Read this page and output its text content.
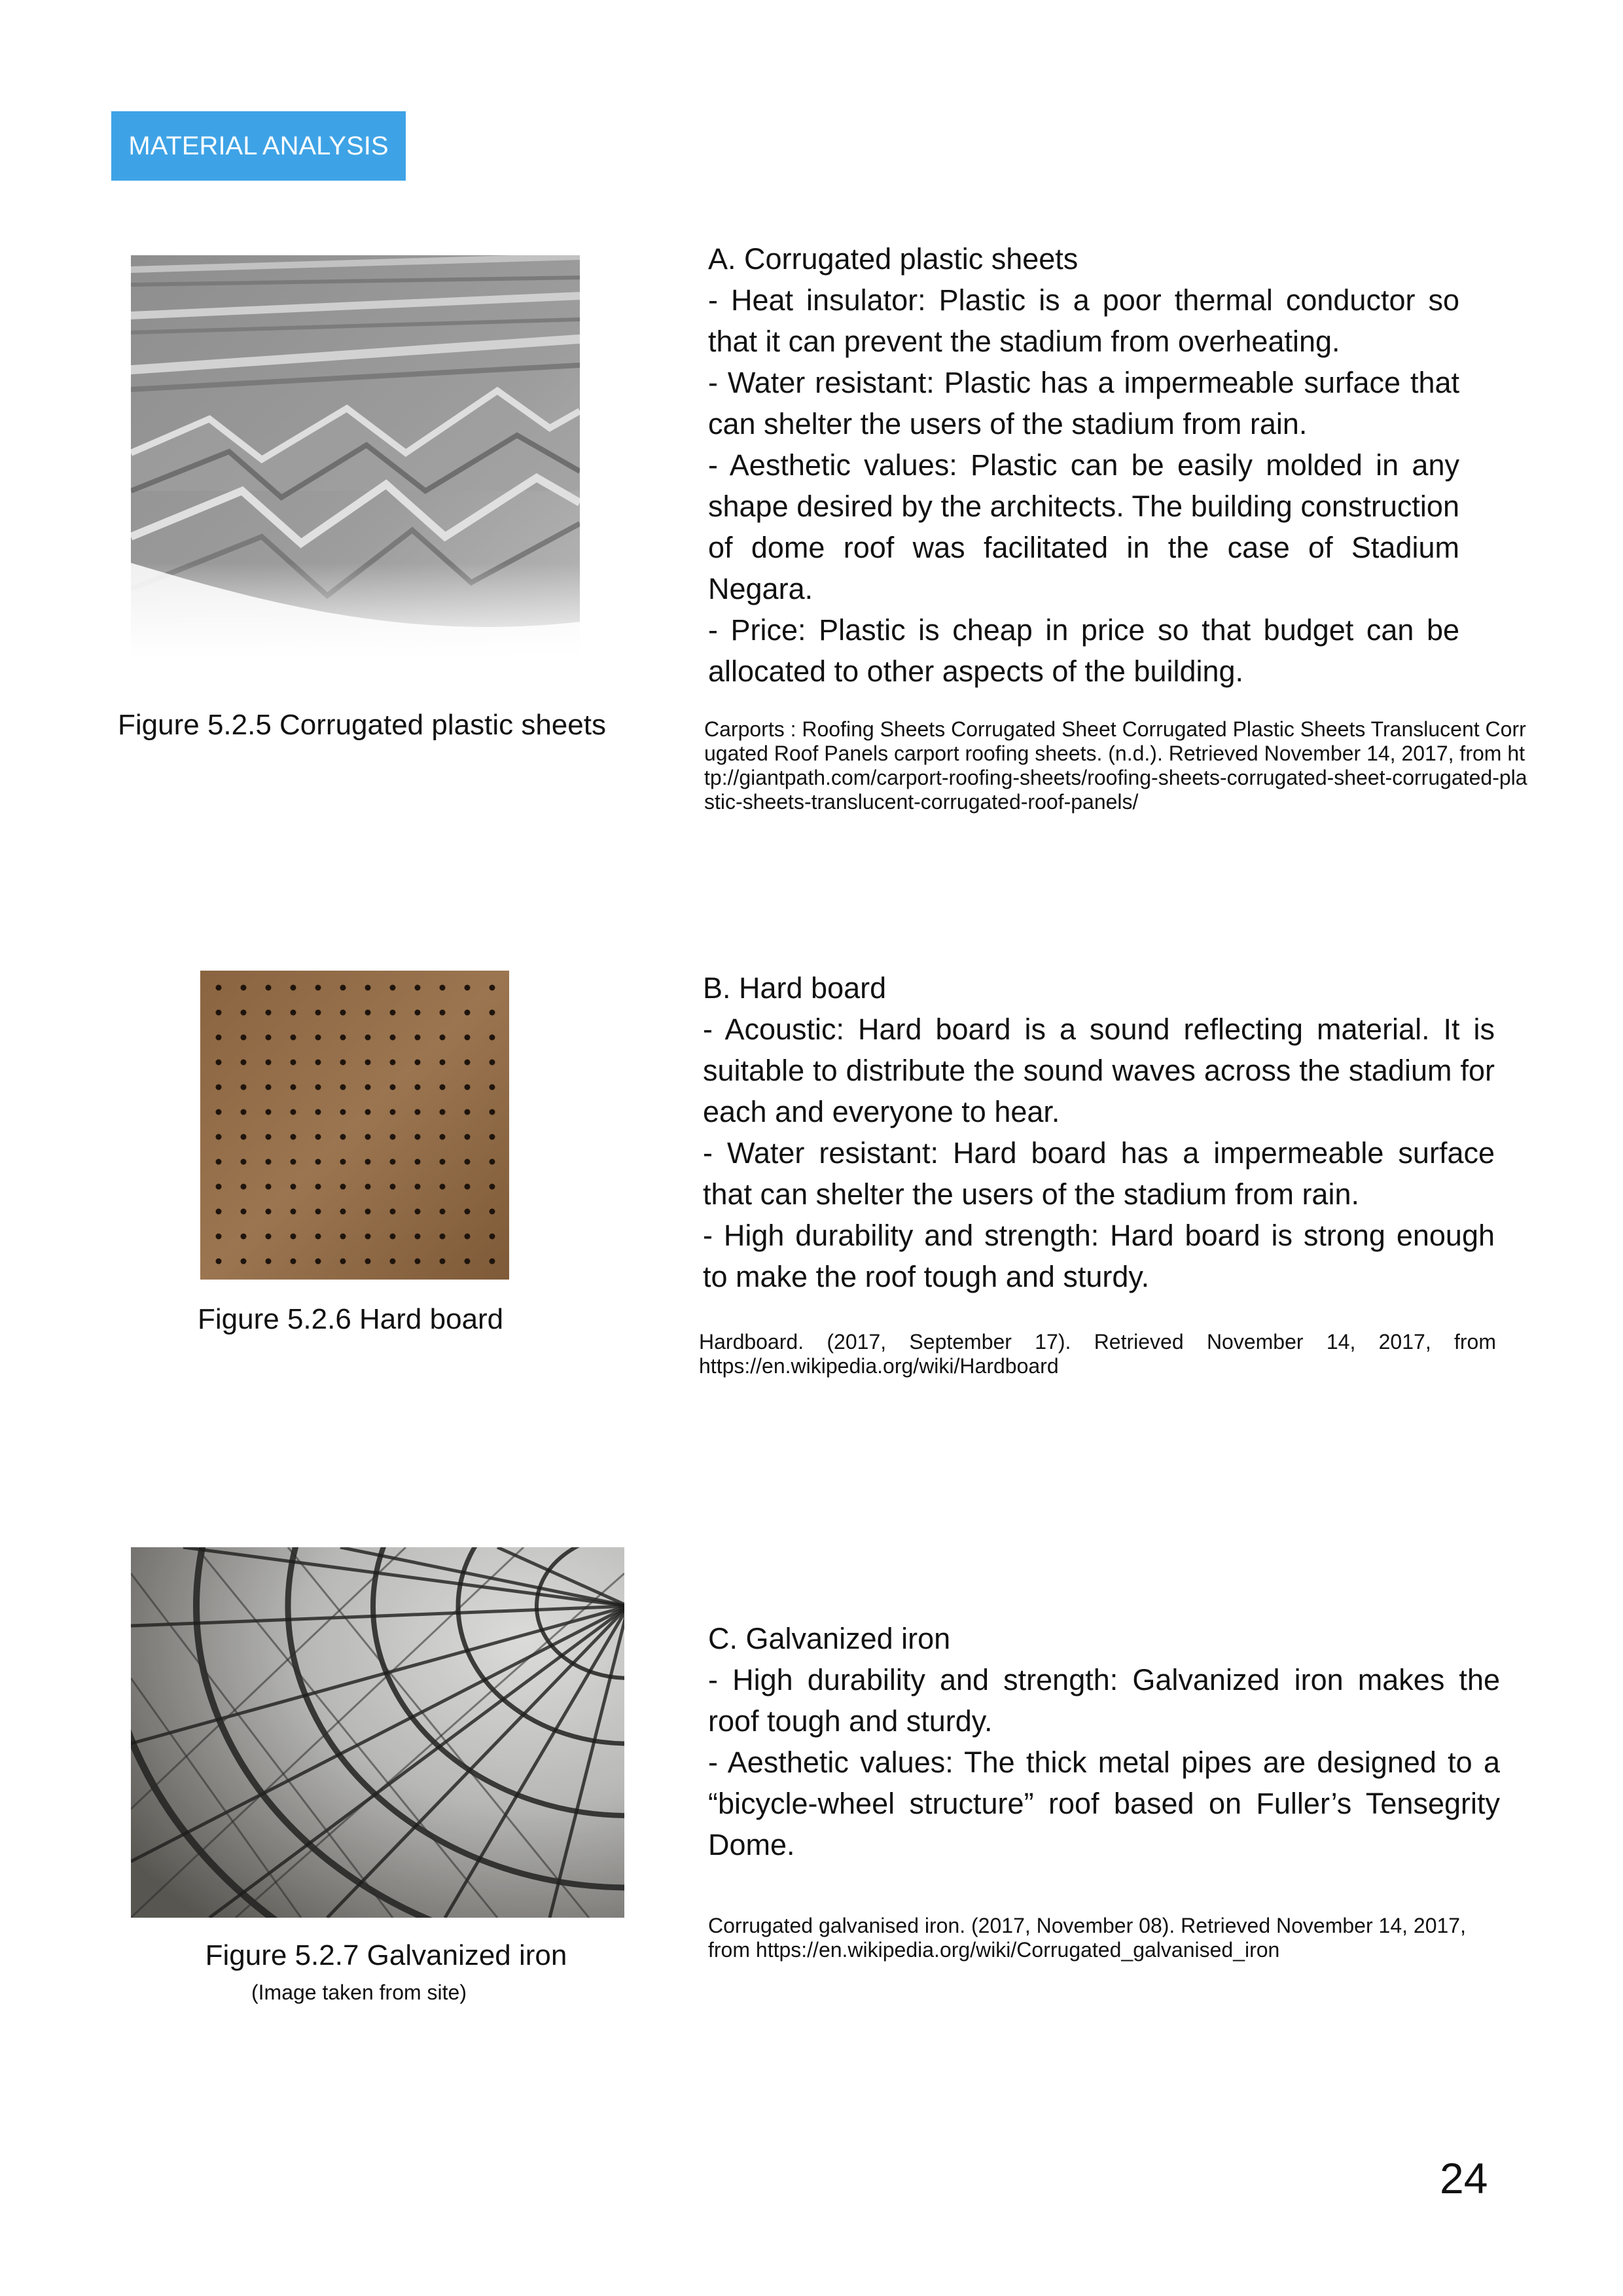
MATERIAL ANALYSIS
Figure 5.2.5 Corrugated plastic sheets

A. Corrugated plastic sheets

- Heat insulator: Plastic is a poor thermal conductor so that it can prevent the stadium from overheating.

- Water resistant: Plastic has a impermeable surface that can shelter the users of the stadium from rain.

- Aesthetic values: Plastic can be easily molded in any shape desired by the architects. The building construction of dome roof was facilitated in the case of Stadium Negara.

- Price: Plastic is cheap in price so that budget can be allocated to other aspects of the building.

Carports : Roofing Sheets Corrugated Sheet Corrugated Plastic Sheets Translucent Corrugated Roof Panels carport roofing sheets. (n.d.). Retrieved November 14, 2017, from http://giantpath.com/carport-roofing-sheets/roofing-sheets-corrugated-sheet-corrugated-plastic-sheets-translucent-corrugated-roof-panels/
Figure 5.2.6 Hard board

B. Hard board

- Acoustic: Hard board is a sound reflecting material. It is suitable to distribute the sound waves across the stadium for each and everyone to hear.

- Water resistant: Hard board has a impermeable surface that can shelter the users of the stadium from rain.

- High durability and strength: Hard board is strong enough to make the roof tough and sturdy.

Hardboard. (2017, September 17). Retrieved November 14, 2017, from https://en.wikipedia.org/wiki/Hardboard
Figure 5.2.7 Galvanized iron
(Image taken from site)

C. Galvanized iron

- High durability and strength: Galvanized iron makes the roof tough and sturdy.

- Aesthetic values: The thick metal pipes are designed to a “bicycle-wheel structure” roof based on Fuller’s Tensegrity Dome.

Corrugated galvanised iron. (2017, November 08). Retrieved November 14, 2017, from https://en.wikipedia.org/wiki/Corrugated_galvanised_iron
24
